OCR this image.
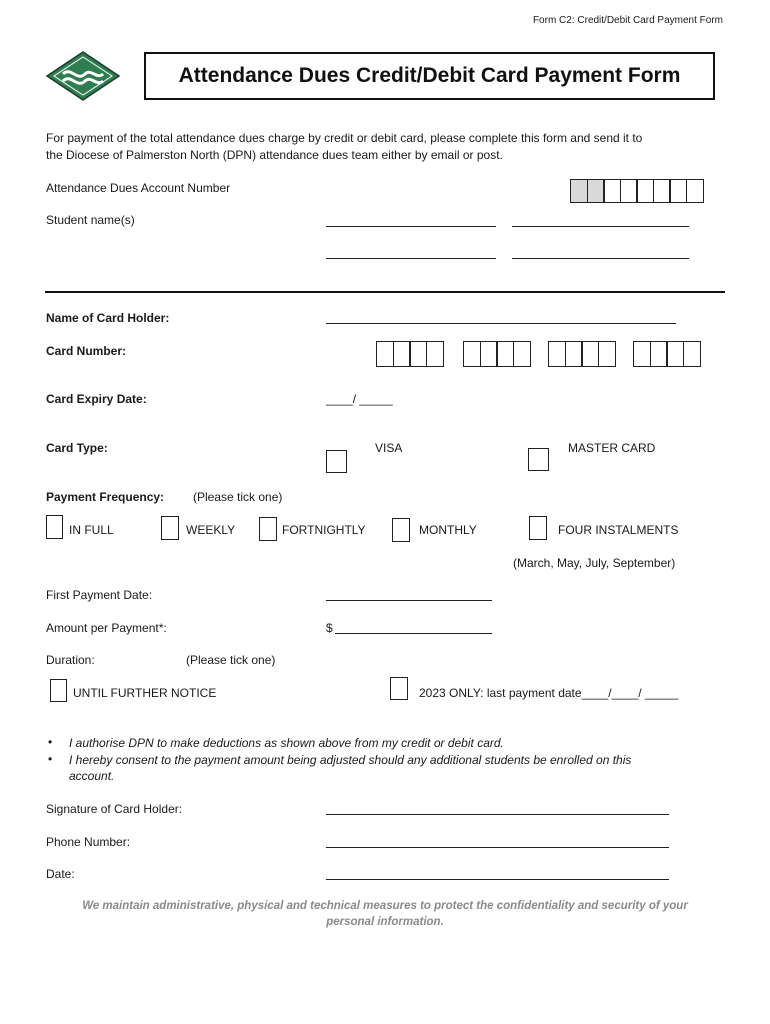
Form C2: Credit/Debit Card Payment Form
Attendance Dues Credit/Debit Card Payment Form
For payment of the total attendance dues charge by credit or debit card, please complete this form and send it to
the Diocese of Palmerston North (DPN) attendance dues team either by email or post.
Attendance Dues Account Number
Student name(s)
Name of Card Holder:
Card Number:
Card Expiry Date:	____/ _____
Card Type:	VISA	MASTER CARD
Payment Frequency: (Please tick one)
IN FULL	WEEKLY	FORTNIGHTLY	MONTHLY	FOUR INSTALMENTS
(March, May, July, September)
First Payment Date:
Amount per Payment*:	$
Duration:	(Please tick one)
UNTIL FURTHER NOTICE	2023 ONLY: last payment date____/____/ _____
• I authorise DPN to make deductions as shown above from my credit or debit card.
• I hereby consent to the payment amount being adjusted should any additional students be enrolled on this
account.
Signature of Card Holder:
Phone Number:
Date:
We maintain administrative, physical and technical measures to protect the confidentiality and security of your
personal information.
